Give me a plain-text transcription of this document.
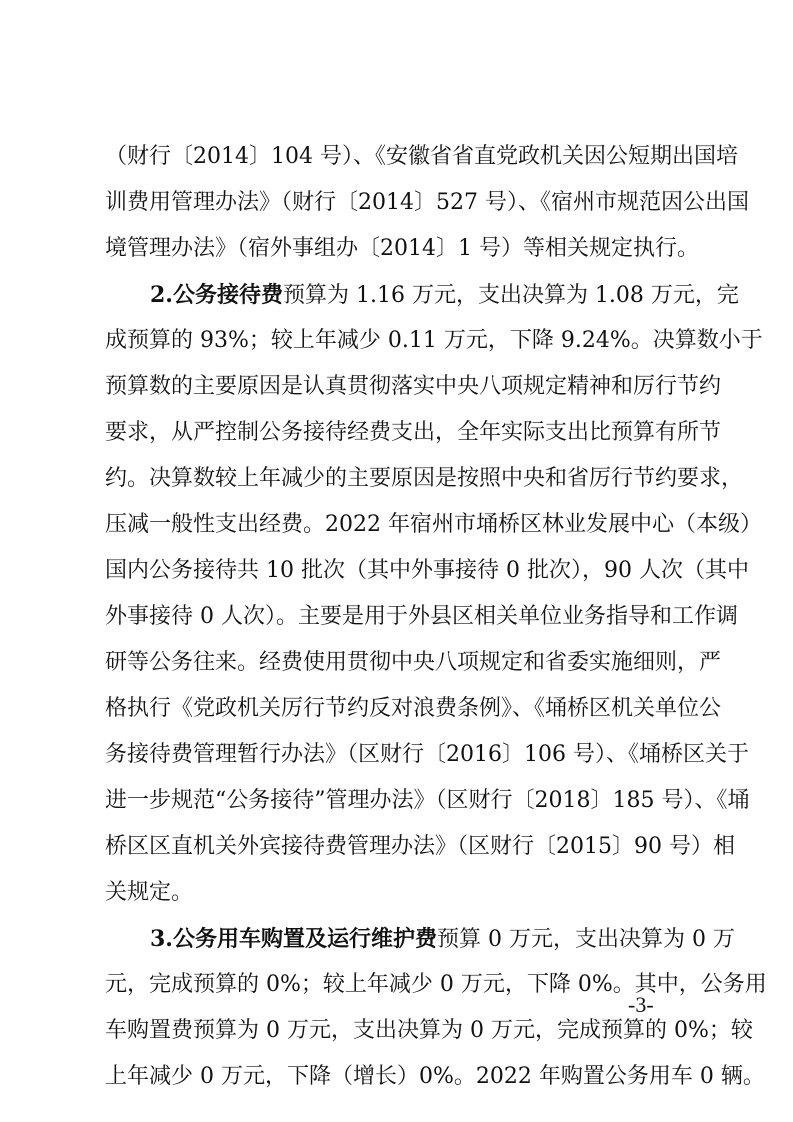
（财行〔2014〕104 号）、《安徽省省直党政机关因公短期出国培
训费用管理办法》（财行〔2014〕527 号）、《宿州市规范因公出国
境管理办法》（宿外事组办〔2014〕1 号）等相关规定执行。
2.公务接待费预算为 1.16 万元，支出决算为 1.08 万元，完
成预算的 93%；较上年减少 0.11 万元，下降 9.24%。决算数小于
预算数的主要原因是认真贯彻落实中央八项规定精神和厉行节约
要求，从严控制公务接待经费支出，全年实际支出比预算有所节
约。决算数较上年减少的主要原因是按照中央和省厉行节约要求，
压减一般性支出经费。2022 年宿州市埇桥区林业发展中心（本级）
国内公务接待共 10 批次（其中外事接待 0 批次），90 人次（其中
外事接待 0 人次）。主要是用于外县区相关单位业务指导和工作调
研等公务往来。经费使用贯彻中央八项规定和省委实施细则，严
格执行《党政机关厉行节约反对浪费条例》、《埇桥区机关单位公
务接待费管理暂行办法》（区财行〔2016〕106 号）、《埇桥区关于
进一步规范“公务接待”管理办法》（区财行〔2018〕185 号）、《埇
桥区区直机关外宾接待费管理办法》（区财行〔2015〕90 号）相
关规定。
3.公务用车购置及运行维护费预算 0 万元，支出决算为 0 万
元，完成预算的 0%；较上年减少 0 万元，下降 0%。其中，公务用
车购置费预算为 0 万元，支出决算为 0 万元，完成预算的 0%；较
上年减少 0 万元，下降（增长）0%。2022 年购置公务用车 0 辆。
-3-
